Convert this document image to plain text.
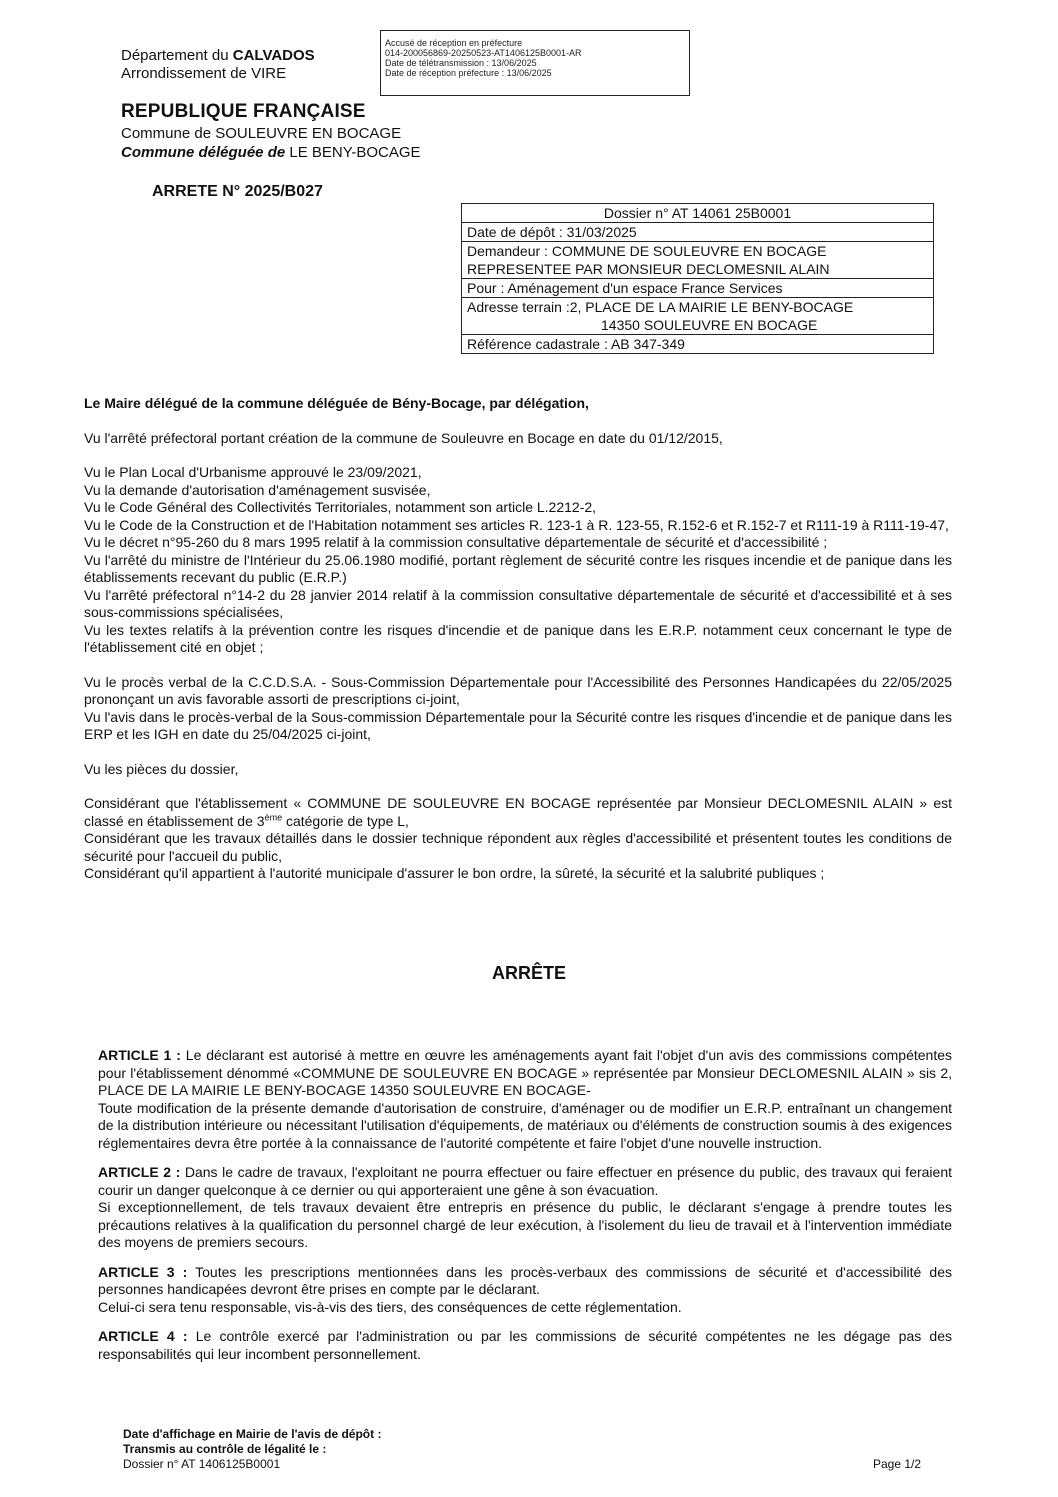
Département du CALVADOS
Arrondissement de VIRE
Accusé de réception en préfecture
014-200056869-20250523-AT1406125B0001-AR
Date de télétransmission : 13/06/2025
Date de réception préfecture : 13/06/2025
REPUBLIQUE FRANÇAISE
Commune de SOULEUVRE EN BOCAGE
Commune déléguée de LE BENY-BOCAGE
ARRETE N° 2025/B027
Dossier n° AT 14061 25B0001
Date de dépôt : 31/03/2025

Demandeur : COMMUNE DE SOULEUVRE EN BOCAGE
REPRESENTEE PAR MONSIEUR DECLOMESNIL ALAIN

Pour : Aménagement d'un espace France Services

Adresse terrain :2, PLACE DE LA MAIRIE LE BENY-BOCAGE
14350 SOULEUVRE EN BOCAGE

Référence cadastrale : AB 347-349

Le Maire délégué de la commune déléguée de Bény-Bocage, par délégation,

Vu l'arrêté préfectoral portant création de la commune de Souleuvre en Bocage en date du 01/12/2015,

Vu le Plan Local d'Urbanisme approuvé le 23/09/2021,

Vu la demande d'autorisation d'aménagement susvisée,

Vu le Code Général des Collectivités Territoriales, notamment son article L.2212-2,

Vu le Code de la Construction et de l'Habitation notamment ses articles R. 123-1 à R. 123-55, R.152-6 et R.152-7 et R111-19 à R111-19-47,

Vu le décret n°95-260 du 8 mars 1995 relatif à la commission consultative départementale de sécurité et d'accessibilité ;

Vu l'arrêté du ministre de l'Intérieur du 25.06.1980 modifié, portant règlement de sécurité contre les risques incendie et de panique dans les établissements recevant du public (E.R.P.)

Vu l'arrêté préfectoral n°14-2 du 28 janvier 2014 relatif à la commission consultative départementale de sécurité et d'accessibilité et à ses sous-commissions spécialisées,

Vu les textes relatifs à la prévention contre les risques d'incendie et de panique dans les E.R.P. notamment ceux concernant le type de l'établissement cité en objet ;

Vu le procès verbal de la C.C.D.S.A. - Sous-Commission Départementale pour l'Accessibilité des Personnes Handicapées du 22/05/2025 prononçant un avis favorable assorti de prescriptions ci-joint,

Vu l'avis dans le procès-verbal de la Sous-commission Départementale pour la Sécurité contre les risques d'incendie et de panique dans les ERP et les IGH en date du 25/04/2025 ci-joint,

Vu les pièces du dossier,

Considérant que l'établissement « COMMUNE DE SOULEUVRE EN BOCAGE représentée par Monsieur DECLOMESNIL ALAIN » est classé en établissement de 3ème catégorie de type L,

Considérant que les travaux détaillés dans le dossier technique répondent aux règles d'accessibilité et présentent toutes les conditions de sécurité pour l'accueil du public,

Considérant qu'il appartient à l'autorité municipale d'assurer le bon ordre, la sûreté, la sécurité et la salubrité publiques ;

ARRÊTE

ARTICLE 1 : Le déclarant est autorisé à mettre en œuvre les aménagements ayant fait l'objet d'un avis des commissions compétentes pour l'établissement dénommé «COMMUNE DE SOULEUVRE EN BOCAGE » représentée par Monsieur DECLOMESNIL ALAIN » sis 2, PLACE DE LA MAIRIE LE BENY-BOCAGE 14350 SOULEUVRE EN BOCAGE-

Toute modification de la présente demande d'autorisation de construire, d'aménager ou de modifier un E.R.P. entraînant un changement de la distribution intérieure ou nécessitant l'utilisation d'équipements, de matériaux ou d'éléments de construction soumis à des exigences réglementaires devra être portée à la connaissance de l'autorité compétente et faire l'objet d'une nouvelle instruction.

ARTICLE 2 : Dans le cadre de travaux, l'exploitant ne pourra effectuer ou faire effectuer en présence du public, des travaux qui feraient courir un danger quelconque à ce dernier ou qui apporteraient une gêne à son évacuation.

Si exceptionnellement, de tels travaux devaient être entrepris en présence du public, le déclarant s'engage à prendre toutes les précautions relatives à la qualification du personnel chargé de leur exécution, à l'isolement du lieu de travail et à l'intervention immédiate des moyens de premiers secours.

ARTICLE 3 : Toutes les prescriptions mentionnées dans les procès-verbaux des commissions de sécurité et d'accessibilité des personnes handicapées devront être prises en compte par le déclarant.

Celui-ci sera tenu responsable, vis-à-vis des tiers, des conséquences de cette réglementation.

ARTICLE 4 : Le contrôle exercé par l'administration ou par les commissions de sécurité compétentes ne les dégage pas des responsabilités qui leur incombent personnellement.

Date d'affichage en Mairie de l'avis de dépôt :
Transmis au contrôle de légalité le :
Dossier n° AT 1406125B0001	Page 1/2
